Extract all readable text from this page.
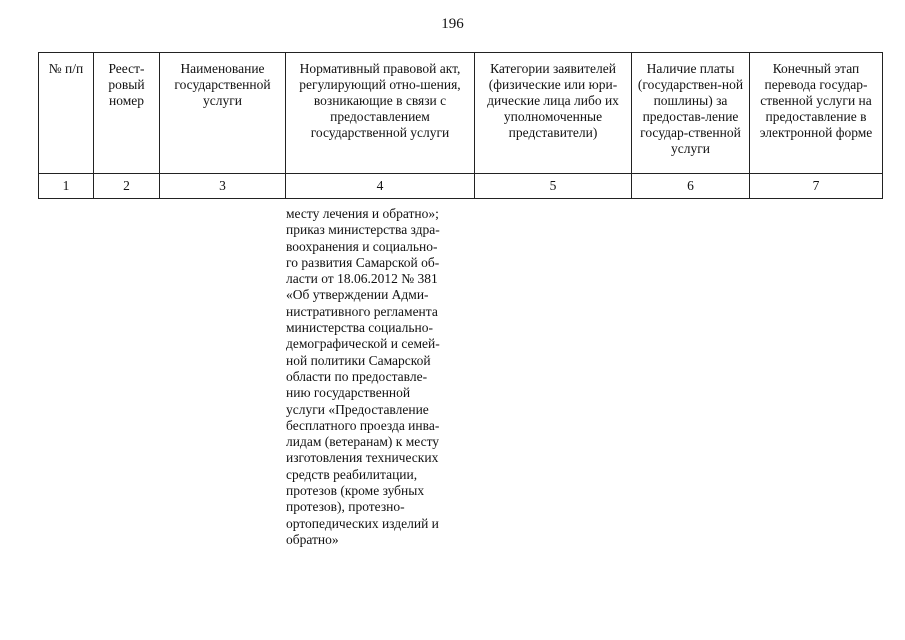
196
№ п/п	Реест-ровый номер	Наименование государственной услуги	Нормативный правовой акт, регулирующий отно-шения, возникающие в связи с предоставлением государственной услуги	Категории заявителей (физические или юри-дические лица либо их уполномоченные представители)	Наличие платы (государствен-ной пошлины) за предостав-ление государ-ственной услуги	Конечный этап перевода государ-ственной услуги на предоставление в электронной форме
1	2	3	4	5	6	7

месту лечения и обратно»;

приказ министерства здра-

воохранения и социально-

го развития Самарской об-

ласти от 18.06.2012 № 381

«Об утверждении Адми-

нистративного регламента

министерства социально-

демографической и семей-

ной политики Самарской

области по предоставле-

нию государственной

услуги «Предоставление

бесплатного проезда инва-

лидам (ветеранам) к месту

изготовления технических

средств реабилитации,

протезов (кроме зубных

протезов), протезно-

ортопедических изделий и

обратно»
